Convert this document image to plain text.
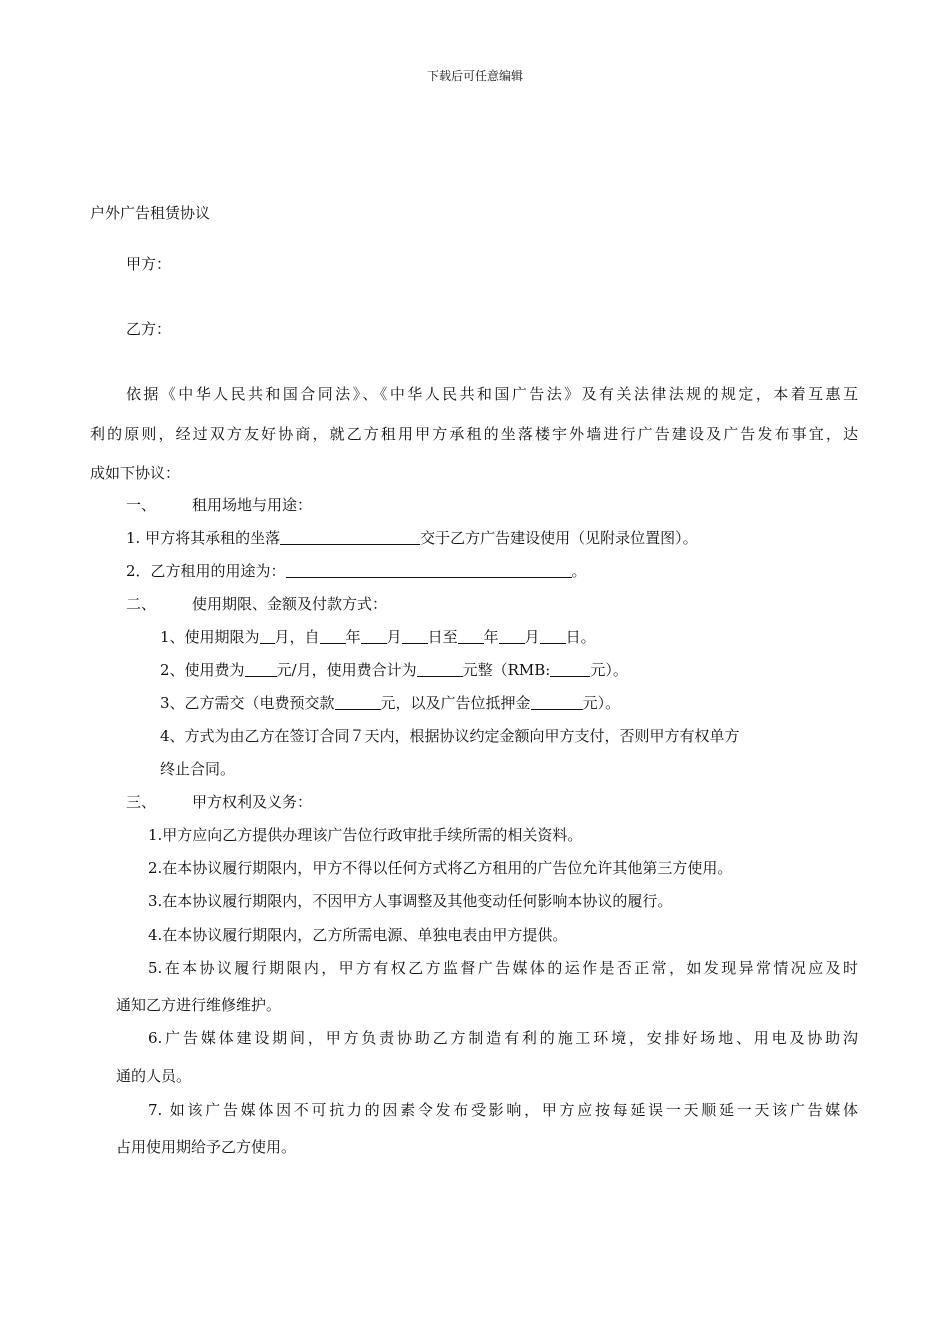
下载后可任意编辑
户外广告租赁协议
甲方：
乙方：
依据《中华人民共和国合同法》、《中华人民共和国广告法》及有关法律法规的规定，本着互惠互
利的原则，经过双方友好协商，就乙方租用甲方承租的坐落楼宇外墙进行广告建设及广告发布事宜，达
成如下协议：
一、 租用场地与用途：
1. 甲方将其承租的坐落	交于乙方广告建设使用（见附录位置图）。
2．乙方租用的用途为：	。
二、 使用期限、金额及付款方式：
1、使用期限为 月，自 年 月 日至 年 月 日。
2、使用费为 元/月，使用费合计为	元整（RMB:	元）。
3、乙方需交（电费预交款	元，以及广告位抵押金	元）。
4、方式为由乙方在签订合同７天内，根据协议约定金额向甲方支付，否则甲方有权单方
终止合同。
三、 甲方权利及义务：
1.甲方应向乙方提供办理该广告位行政审批手续所需的相关资料。
2.在本协议履行期限内，甲方不得以任何方式将乙方租用的广告位允许其他第三方使用。
3.在本协议履行期限内，不因甲方人事调整及其他变动任何影响本协议的履行。
4.在本协议履行期限内，乙方所需电源、单独电表由甲方提供。
5.在本协议履行期限内，甲方有权乙方监督广告媒体的运作是否正常，如发现异常情况应及时
通知乙方进行维修维护。
6.广告媒体建设期间，甲方负责协助乙方制造有利的施工环境，安排好场地、用电及协助沟
通的人员。
7. 如该广告媒体因不可抗力的因素令发布受影响，甲方应按每延误一天顺延一天该广告媒体
占用使用期给予乙方使用。
